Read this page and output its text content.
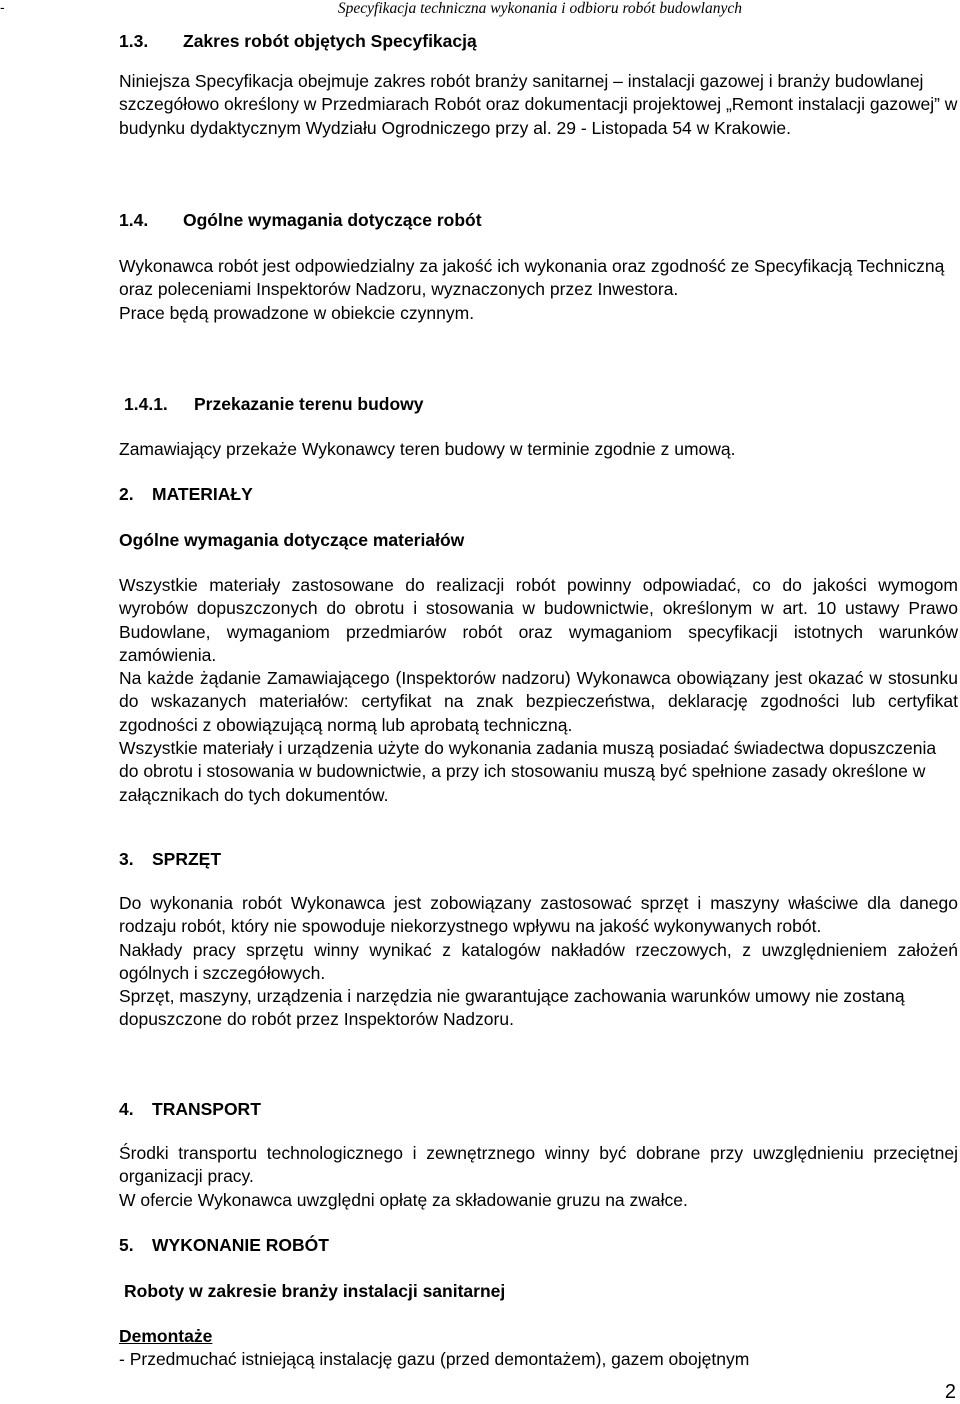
-	Specyfikacja techniczna wykonania i odbioru robót budowlanych
1.3. Zakres robót objętych Specyfikacją

Niniejsza Specyfikacja obejmuje zakres robót branży sanitarnej – instalacji gazowej i branży budowlanej szczegółowo określony w Przedmiarach Robót oraz dokumentacji projektowej „Remont instalacji gazowej” w budynku dydaktycznym Wydziału Ogrodniczego przy al. 29 - Listopada 54 w Krakowie.

1.4. Ogólne wymagania dotyczące robót

Wykonawca robót jest odpowiedzialny za jakość ich wykonania oraz zgodność ze Specyfikacją Techniczną oraz poleceniami Inspektorów Nadzoru, wyznaczonych przez Inwestora.

Prace będą prowadzone w obiekcie czynnym.

1.4.1. Przekazanie terenu budowy

Zamawiający przekaże Wykonawcy teren budowy w terminie zgodnie z umową.

2. MATERIAŁY
Ogólne wymagania dotyczące materiałów

Wszystkie materiały zastosowane do realizacji robót powinny odpowiadać, co do jakości wymogom wyrobów dopuszczonych do obrotu i stosowania w budownictwie, określonym w art. 10 ustawy Prawo Budowlane, wymaganiom przedmiarów robót oraz wymaganiom specyfikacji istotnych warunków zamówienia.

Na każde żądanie Zamawiającego (Inspektorów nadzoru) Wykonawca obowiązany jest okazać w stosunku do wskazanych materiałów: certyfikat na znak bezpieczeństwa, deklarację zgodności lub certyfikat zgodności z obowiązującą normą lub aprobatą techniczną.

Wszystkie materiały i urządzenia użyte do wykonania zadania muszą posiadać świadectwa dopuszczenia do obrotu i stosowania w budownictwie, a przy ich stosowaniu muszą być spełnione zasady określone w załącznikach do tych dokumentów.

3. SPRZĘT

Do wykonania robót Wykonawca jest zobowiązany zastosować sprzęt i maszyny właściwe dla danego rodzaju robót, który nie spowoduje niekorzystnego wpływu na jakość wykonywanych robót.

Nakłady pracy sprzętu winny wynikać z katalogów nakładów rzeczowych, z uwzględnieniem założeń ogólnych i szczegółowych.

Sprzęt, maszyny, urządzenia i narzędzia nie gwarantujące zachowania warunków umowy nie zostaną dopuszczone do robót przez Inspektorów Nadzoru.

4. TRANSPORT

Środki transportu technologicznego i zewnętrznego winny być dobrane przy uwzględnieniu przeciętnej organizacji pracy.

W ofercie Wykonawca uwzględni opłatę za składowanie gruzu na zwałce.

5. WYKONANIE ROBÓT
Roboty w zakresie branży instalacji sanitarnej
Demontaże

- Przedmuchać istniejącą instalację gazu (przed demontażem), gazem obojętnym

2
